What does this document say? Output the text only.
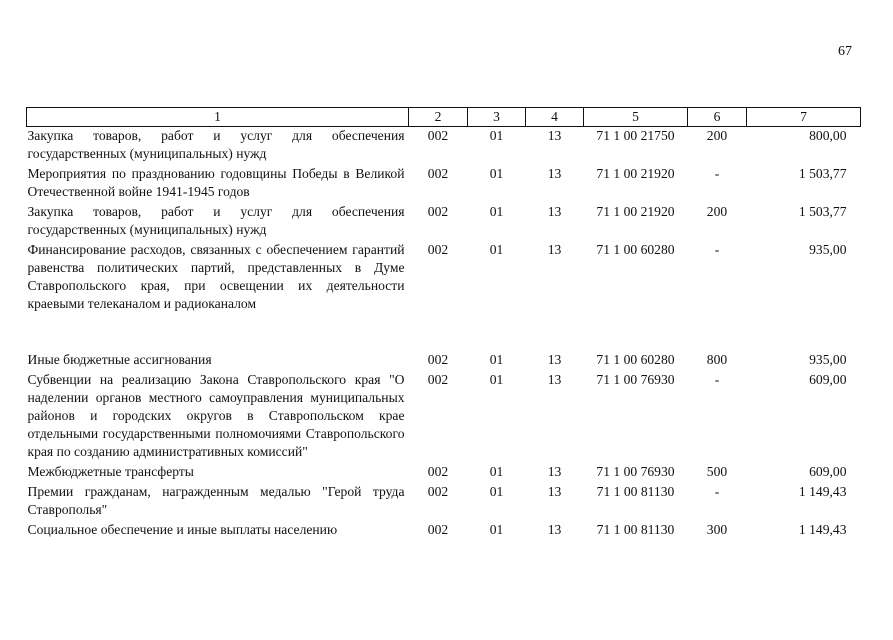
67
1	2	3	4	5	6	7
Закупка товаров, работ и услуг для обеспечения государственных (муниципальных) нужд	002	01	13	71 1 00 21750	200	800,00
Мероприятия по празднованию годовщины Победы в Великой Отечественной войне 1941-1945 годов	002	01	13	71 1 00 21920	-	1 503,77
Закупка товаров, работ и услуг для обеспечения государственных (муниципальных) нужд	002	01	13	71 1 00 21920	200	1 503,77
Финансирование расходов, связанных с обеспечением гарантий равенства политических партий, представленных в Думе Ставропольского края, при освещении их деятельности краевыми телеканалом и радиоканалом	002	01	13	71 1 00 60280	-	935,00

Иные бюджетные ассигнования	002	01	13	71 1 00 60280	800	935,00
Субвенции на реализацию Закона Ставропольского края "О наделении органов местного самоуправления муниципальных районов и городских округов в Ставропольском крае отдельными государственными полномочиями Ставропольского края по созданию административных комиссий"	002	01	13	71 1 00 76930	-	609,00
Межбюджетные трансферты	002	01	13	71 1 00 76930	500	609,00
Премии гражданам, награжденным медалью "Герой труда Ставрополья"	002	01	13	71 1 00 81130	-	1 149,43
Социальное обеспечение и иные выплаты населению	002	01	13	71 1 00 81130	300	1 149,43
